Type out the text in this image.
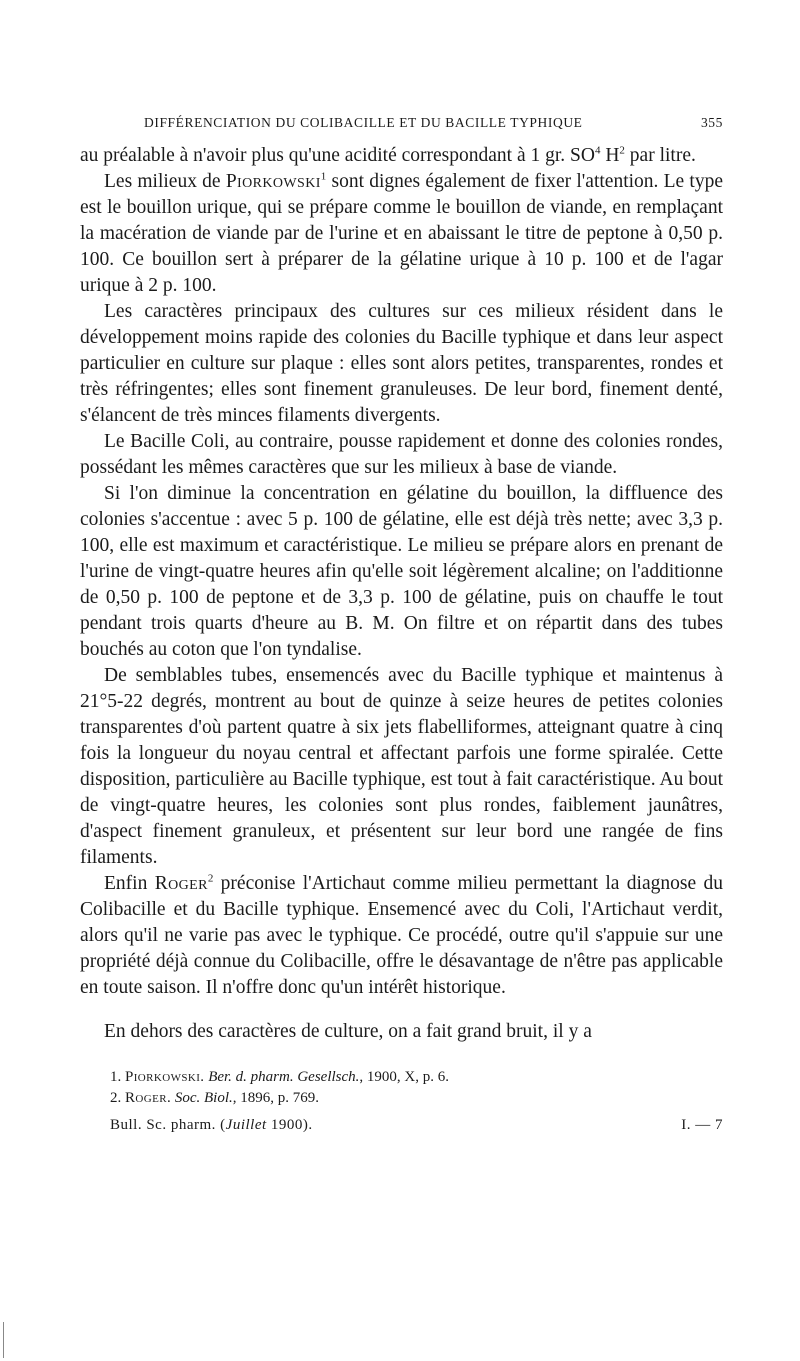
DIFFÉRENCIATION DU COLIBACILLE ET DU BACILLE TYPHIQUE	355

au préalable à n'avoir plus qu'une acidité correspondant à 1 gr. $SO^4$ $H^2$ par litre.

Les milieux de Piorkowski$^1$ sont dignes également de fixer l'attention. Le type est le bouillon urique, qui se prépare comme le bouillon de viande, en remplaçant la macération de viande par de l'urine et en abaissant le titre de peptone à 0,50 p. 100. Ce bouillon sert à préparer de la gélatine urique à 10 p. 100 et de l'agar urique à 2 p. 100.

Les caractères principaux des cultures sur ces milieux résident dans le développement moins rapide des colonies du Bacille typhique et dans leur aspect particulier en culture sur plaque : elles sont alors petites, transparentes, rondes et très réfringentes; elles sont finement granuleuses. De leur bord, finement denté, s'élancent de très minces filaments divergents.

Le Bacille Coli, au contraire, pousse rapidement et donne des colonies rondes, possédant les mêmes caractères que sur les milieux à base de viande.

Si l'on diminue la concentration en gélatine du bouillon, la diffluence des colonies s'accentue : avec 5 p. 100 de gélatine, elle est déjà très nette; avec 3,3 p. 100, elle est maximum et caractéristique. Le milieu se prépare alors en prenant de l'urine de vingt-quatre heures afin qu'elle soit légèrement alcaline; on l'additionne de 0,50 p. 100 de peptone et de 3,3 p. 100 de gélatine, puis on chauffe le tout pendant trois quarts d'heure au B. M. On filtre et on répartit dans des tubes bouchés au coton que l'on tyndalise.

De semblables tubes, ensemencés avec du Bacille typhique et maintenus à 21°5-22 degrés, montrent au bout de quinze à seize heures de petites colonies transparentes d'où partent quatre à six jets flabelliformes, atteignant quatre à cinq fois la longueur du noyau central et affectant parfois une forme spiralée. Cette disposition, particulière au Bacille typhique, est tout à fait caractéristique. Au bout de vingt-quatre heures, les colonies sont plus rondes, faiblement jaunâtres, d'aspect finement granuleux, et présentent sur leur bord une rangée de fins filaments.

Enfin Roger$^2$ préconise l'Artichaut comme milieu permettant la diagnose du Colibacille et du Bacille typhique. Ensemencé avec du Coli, l'Artichaut verdit, alors qu'il ne varie pas avec le typhique. Ce procédé, outre qu'il s'appuie sur une propriété déjà connue du Colibacille, offre le désavantage de n'être pas applicable en toute saison. Il n'offre donc qu'un intérêt historique.

En dehors des caractères de culture, on a fait grand bruit, il y a

1. Piorkowski. Ber. d. pharm. Gesellsch., 1900, X, p. 6.
2. Roger. Soc. Biol., 1896, p. 769.
Bull. Sc. pharm. (Juillet 1900).	I. — 7
